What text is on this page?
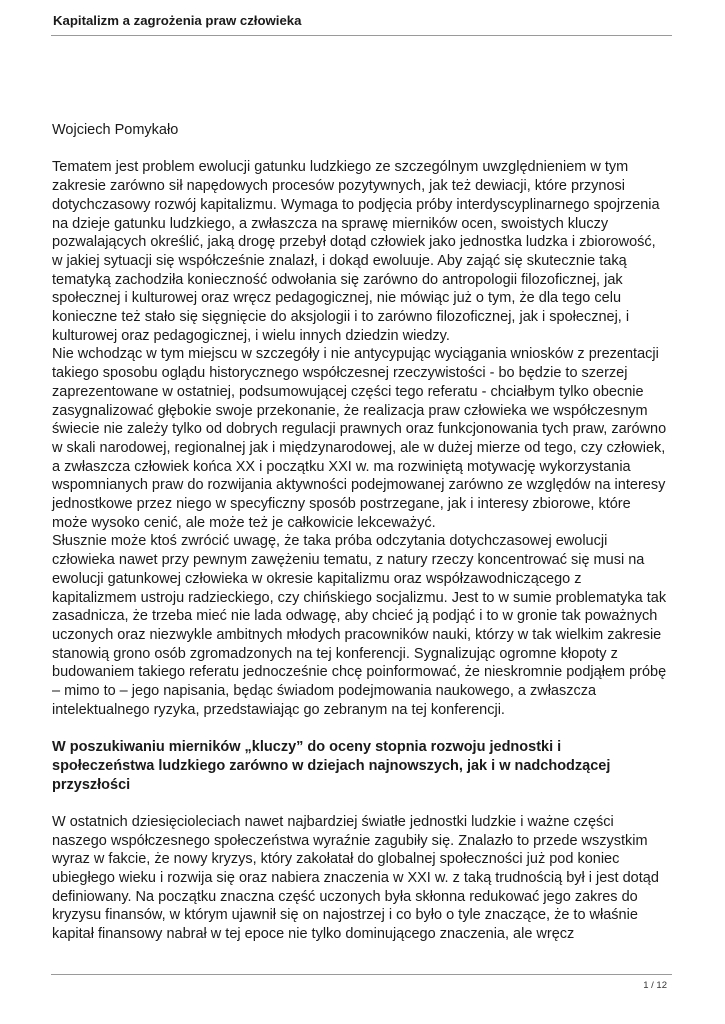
Kapitalizm a zagrożenia praw człowieka

Wojciech Pomykało

Tematem jest problem ewolucji gatunku ludzkiego ze szczególnym uwzględnieniem w tym
zakresie zarówno sił napędowych procesów pozytywnych, jak też dewiacji, które przynosi
dotychczasowy rozwój kapitalizmu. Wymaga to podjęcia próby interdyscyplinarnego spojrzenia
na dzieje gatunku ludzkiego, a zwłaszcza na sprawę mierników ocen, swoistych kluczy
pozwalających określić, jaką drogę przebył dotąd człowiek jako jednostka ludzka i zbiorowość,
w jakiej sytuacji się współcześnie znalazł, i dokąd ewoluuje. Aby zająć się skutecznie taką
tematyką zachodziła konieczność odwołania się zarówno do antropologii filozoficznej, jak
społecznej i kulturowej oraz wręcz pedagogicznej, nie mówiąc już o tym, że dla tego celu
konieczne też stało się sięgnięcie do aksjologii i to zarówno filozoficznej, jak i społecznej, i
kulturowej oraz pedagogicznej, i wielu innych dziedzin wiedzy.

Nie wchodząc w tym miejscu w szczegóły i nie antycypując wyciągania wniosków z prezentacji
takiego sposobu oglądu historycznego współczesnej rzeczywistości - bo będzie to szerzej
zaprezentowane w ostatniej, podsumowującej części tego referatu - chciałbym tylko obecnie
zasygnalizować głębokie swoje przekonanie, że realizacja praw człowieka we współczesnym
świecie nie zależy tylko od dobrych regulacji prawnych oraz funkcjonowania tych praw, zarówno
w skali narodowej, regionalnej jak i międzynarodowej, ale w dużej mierze od tego, czy człowiek,
a zwłaszcza człowiek końca XX i początku XXI w. ma rozwiniętą motywację wykorzystania
wspomnianych praw do rozwijania aktywności podejmowanej zarówno ze względów na interesy
jednostkowe przez niego w specyficzny sposób postrzegane, jak i interesy zbiorowe, które
może wysoko cenić, ale może też je całkowicie lekceważyć.

Słusznie może ktoś zwrócić uwagę, że taka próba odczytania dotychczasowej ewolucji
człowieka nawet przy pewnym zawężeniu tematu, z natury rzeczy koncentrować się musi na
ewolucji gatunkowej człowieka w okresie kapitalizmu oraz współzawodniczącego z
kapitalizmem ustroju radzieckiego, czy chińskiego socjalizmu. Jest to w sumie problematyka tak
zasadnicza, że trzeba mieć nie lada odwagę, aby chcieć ją podjąć i to w gronie tak poważnych
uczonych oraz niezwykle ambitnych młodych pracowników nauki, którzy w tak wielkim zakresie
stanowią grono osób zgromadzonych na tej konferencji. Sygnalizując ogromne kłopoty z
budowaniem takiego referatu jednocześnie chcę poinformować, że nieskromnie podjąłem próbę
– mimo to – jego napisania, będąc świadom podejmowania naukowego, a zwłaszcza
intelektualnego ryzyka, przedstawiając go zebranym na tej konferencji.

W poszukiwaniu mierników „kluczy” do oceny stopnia rozwoju jednostki i
społeczeństwa ludzkiego zarówno w dziejach najnowszych, jak i w nadchodzącej
przyszłości

W ostatnich dziesięcioleciach nawet najbardziej światłe jednostki ludzkie i ważne części
naszego współczesnego społeczeństwa wyraźnie zagubiły się. Znalazło to przede wszystkim
wyraz w fakcie, że nowy kryzys, który zakołatał do globalnej społeczności już pod koniec
ubiegłego wieku i rozwija się oraz nabiera znaczenia w XXI w. z taką trudnością był i jest dotąd
definiowany. Na początku znaczna część uczonych była skłonna redukować jego zakres do
kryzysu finansów, w którym ujawnił się on najostrzej i co było o tyle znaczące, że to właśnie
kapitał finansowy nabrał w tej epoce nie tylko dominującego znaczenia, ale wręcz

1 / 12
